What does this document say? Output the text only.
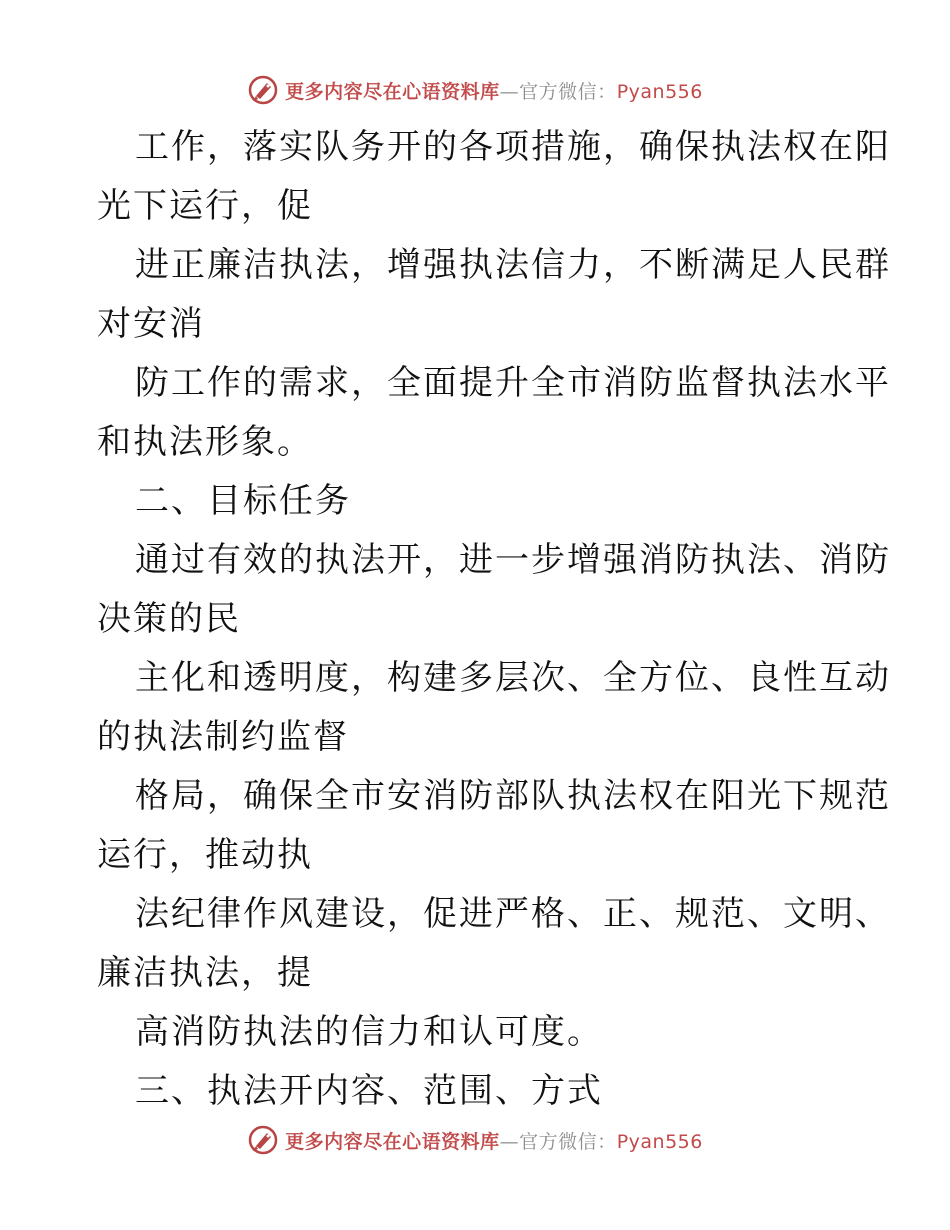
更多内容尽在心语资料库—官方微信：Pyan556
工作，落实队务开的各项措施，确保执法权在阳
光下运行，促
进正廉洁执法，增强执法信力，不断满足人民群
对安消
防工作的需求，全面提升全市消防监督执法水平
和执法形象。
二、目标任务
通过有效的执法开，进一步增强消防执法、消防
决策的民
主化和透明度，构建多层次、全方位、良性互动
的执法制约监督
格局，确保全市安消防部队执法权在阳光下规范
运行，推动执
法纪律作风建设，促进严格、正、规范、文明、
廉洁执法，提
高消防执法的信力和认可度。
三、执法开内容、范围、方式
更多内容尽在心语资料库—官方微信：Pyan556
